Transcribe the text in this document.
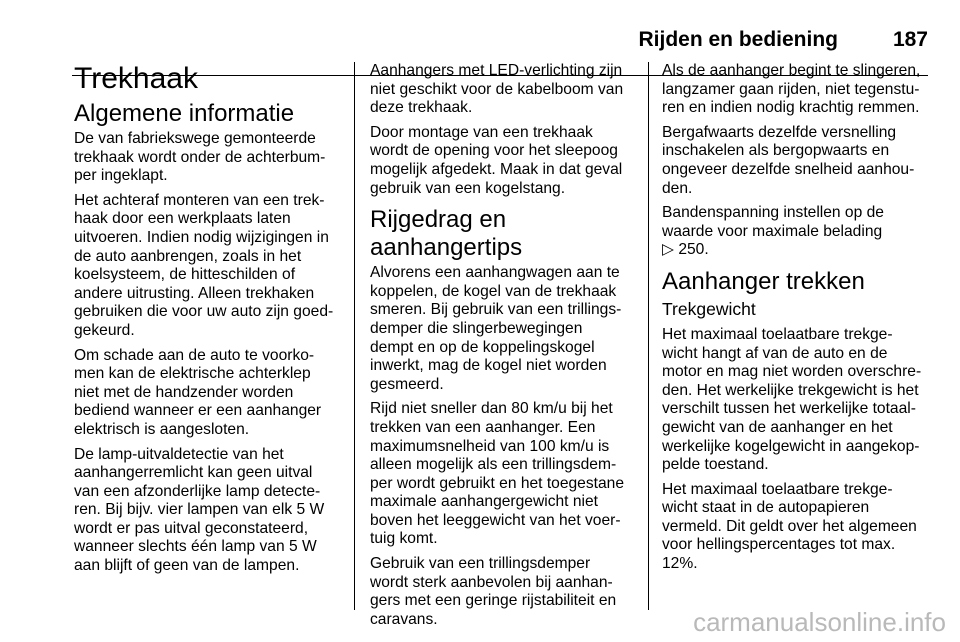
Rijden en bediening	187
Trekhaak
Algemene informatie

De van fabriekswege gemonteerde
trekhaak wordt onder de achterbum-
per ingeklapt.

Het achteraf monteren van een trek-
haak door een werkplaats laten
uitvoeren. Indien nodig wijzigingen in
de auto aanbrengen, zoals in het
koelsysteem, de hitteschilden of
andere uitrusting. Alleen trekhaken
gebruiken die voor uw auto zijn goed-
gekeurd.

Om schade aan de auto te voorko-
men kan de elektrische achterklep
niet met de handzender worden
bediend wanneer er een aanhanger
elektrisch is aangesloten.

De lamp-uitvaldetectie van het
aanhangerremlicht kan geen uitval
van een afzonderlijke lamp detecte-
ren. Bij bijv. vier lampen van elk 5 W
wordt er pas uitval geconstateerd,
wanneer slechts één lamp van 5 W
aan blijft of geen van de lampen.

Aanhangers met LED-verlichting zijn
niet geschikt voor de kabelboom van
deze trekhaak.

Door montage van een trekhaak
wordt de opening voor het sleepoog
mogelijk afgedekt. Maak in dat geval
gebruik van een kogelstang.

Rijgedrag en aanhangertips

Alvorens een aanhangwagen aan te
koppelen, de kogel van de trekhaak
smeren. Bij gebruik van een trillings-
demper die slingerbewegingen
dempt en op de koppelingskogel
inwerkt, mag de kogel niet worden
gesmeerd.

Rijd niet sneller dan 80 km/u bij het
trekken van een aanhanger. Een
maximumsnelheid van 100 km/u is
alleen mogelijk als een trillingsdem-
per wordt gebruikt en het toegestane
maximale aanhangergewicht niet
boven het leeggewicht van het voer-
tuig komt.

Gebruik van een trillingsdemper
wordt sterk aanbevolen bij aanhan-
gers met een geringe rijstabiliteit en
caravans.

Als de aanhanger begint te slingeren,
langzamer gaan rijden, niet tegenstu-
ren en indien nodig krachtig remmen.

Bergafwaarts dezelfde versnelling
inschakelen als bergopwaarts en
ongeveer dezelfde snelheid aanhou-
den.

Bandenspanning instellen op de
waarde voor maximale belading
▷ 250.

Aanhanger trekken
Trekgewicht

Het maximaal toelaatbare trekge-
wicht hangt af van de auto en de
motor en mag niet worden overschre-
den. Het werkelijke trekgewicht is het
verschilt tussen het werkelijke totaal-
gewicht van de aanhanger en het
werkelijke kogelgewicht in aangekop-
pelde toestand.

Het maximaal toelaatbare trekge-
wicht staat in de autopapieren
vermeld. Dit geldt over het algemeen
voor hellingspercentages tot max.
12%.

carmanualsonline.info
